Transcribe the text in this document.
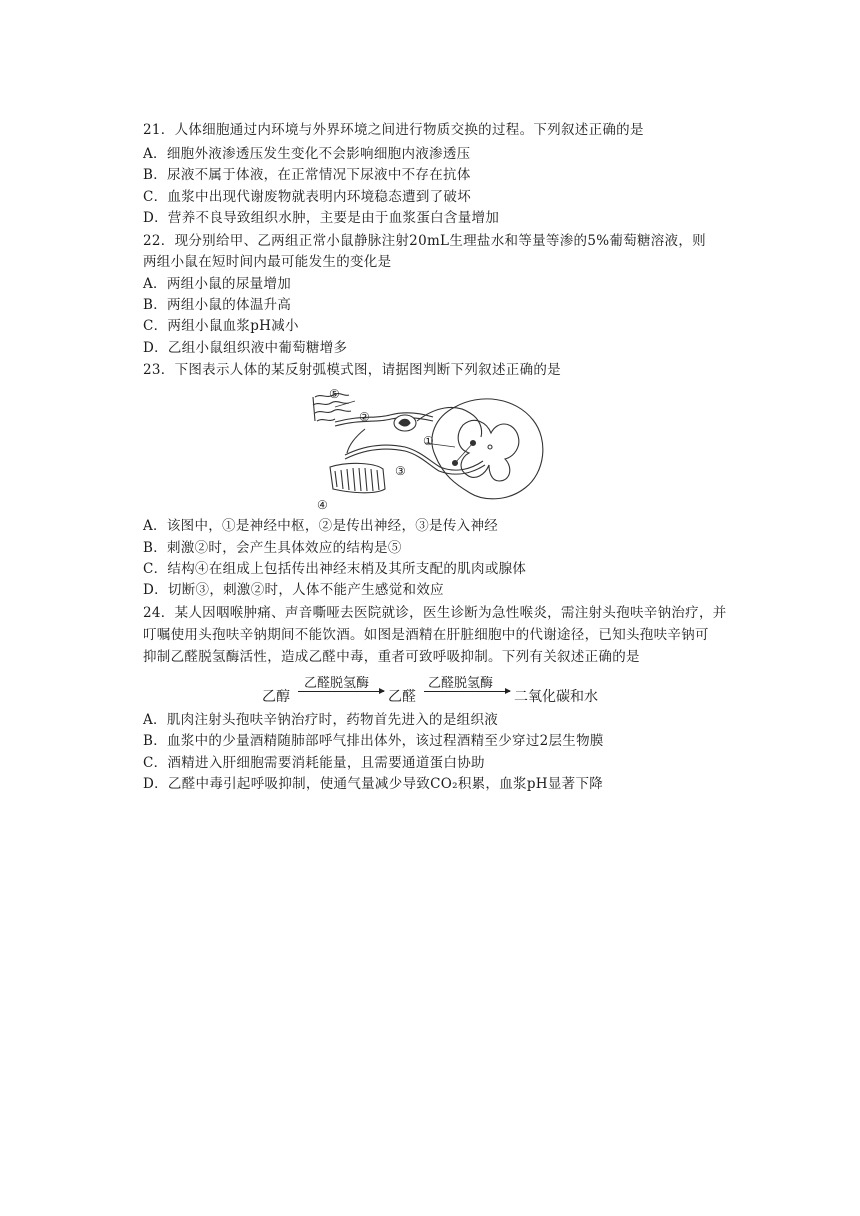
21．人体细胞通过内环境与外界环境之间进行物质交换的过程。下列叙述正确的是
A．细胞外液渗透压发生变化不会影响细胞内液渗透压
B．尿液不属于体液，在正常情况下尿液中不存在抗体
C．血浆中出现代谢废物就表明内环境稳态遭到了破坏
D．营养不良导致组织水肿，主要是由于血浆蛋白含量增加
22．现分别给甲、乙两组正常小鼠静脉注射20mL生理盐水和等量等渗的5%葡萄糖溶液，则
两组小鼠在短时间内最可能发生的变化是
A．两组小鼠的尿量增加
B．两组小鼠的体温升高
C．两组小鼠血浆pH减小
D．乙组小鼠组织液中葡萄糖增多
23．下图表示人体的某反射弧模式图，请据图判断下列叙述正确的是
⑤
②
①
③
④
A．该图中，①是神经中枢，②是传出神经，③是传入神经
B．刺激②时，会产生具体效应的结构是⑤
C．结构④在组成上包括传出神经末梢及其所支配的肌肉或腺体
D．切断③，刺激②时，人体不能产生感觉和效应
24．某人因咽喉肿痛、声音嘶哑去医院就诊，医生诊断为急性喉炎，需注射头孢呋辛钠治疗，并
叮嘱使用头孢呋辛钠期间不能饮酒。如图是酒精在肝脏细胞中的代谢途径，已知头孢呋辛钠可
抑制乙醛脱氢酶活性，造成乙醛中毒，重者可致呼吸抑制。下列有关叙述正确的是
乙醇
乙醛脱氢酶
乙醛
乙醛脱氢酶
二氧化碳和水
A．肌肉注射头孢呋辛钠治疗时，药物首先进入的是组织液
B．血浆中的少量酒精随肺部呼气排出体外，该过程酒精至少穿过2层生物膜
C．酒精进入肝细胞需要消耗能量，且需要通道蛋白协助
D．乙醛中毒引起呼吸抑制，使通气量减少导致CO₂积累，血浆pH显著下降
